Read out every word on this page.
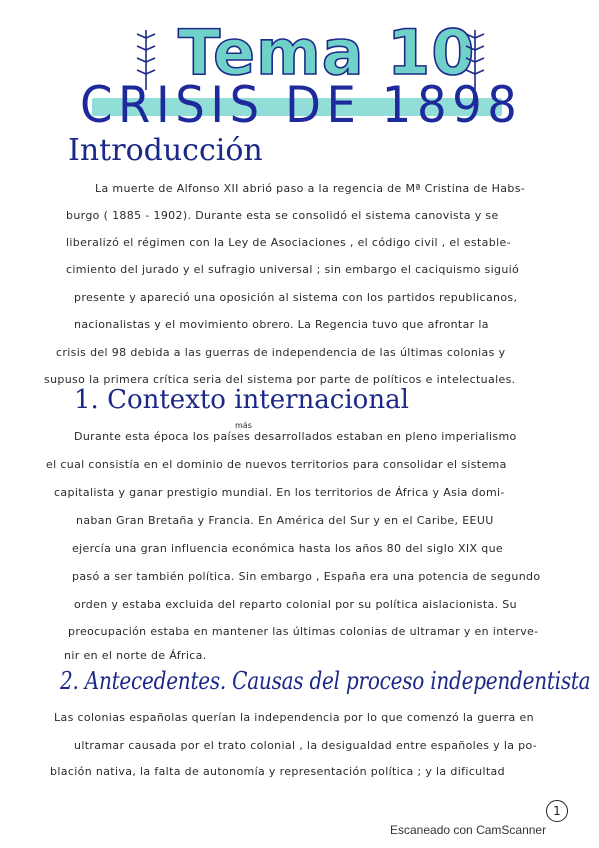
Tema 10
CRISIS DE 1898
Introducción
La muerte de Alfonso XII abrió paso a la regencia de Mª Cristina de Habs-
burgo ( 1885 - 1902). Durante esta se consolidó el sistema canovista y se
liberalizó el régimen con la Ley de Asociaciones , el código civil , el estable-
cimiento del jurado y el sufragio universal ; sin embargo el caciquismo siguió
presente y apareció una oposición al sistema con los partidos republicanos,
nacionalistas y el movimiento obrero. La Regencia tuvo que afrontar la
crisis del 98 debida a las guerras de independencia de las últimas colonias y
supuso la primera crítica seria del sistema por parte de políticos e intelectuales.
1. Contexto internacional
más
Durante esta época los países desarrollados estaban en pleno imperialismo
el cual consistía en el dominio de nuevos territorios para consolidar el sistema
capitalista y ganar prestigio mundial. En los territorios de África y Asia domi-
naban Gran Bretaña y Francia. En América del Sur y en el Caribe, EEUU
ejercía una gran influencia económica hasta los años 80 del siglo XIX que
pasó a ser también política. Sin embargo , España era una potencia de segundo
orden y estaba excluida del reparto colonial por su política aislacionista. Su
preocupación estaba en mantener las últimas colonias de ultramar y en interve-
nir en el norte de África.
2. Antecedentes. Causas del proceso independentista
Las colonias españolas querían la independencia por lo que comenzó la guerra en
ultramar causada por el trato colonial , la desigualdad entre españoles y la po-
blación nativa, la falta de autonomía y representación política ; y la dificultad
1
Escaneado con CamScanner
